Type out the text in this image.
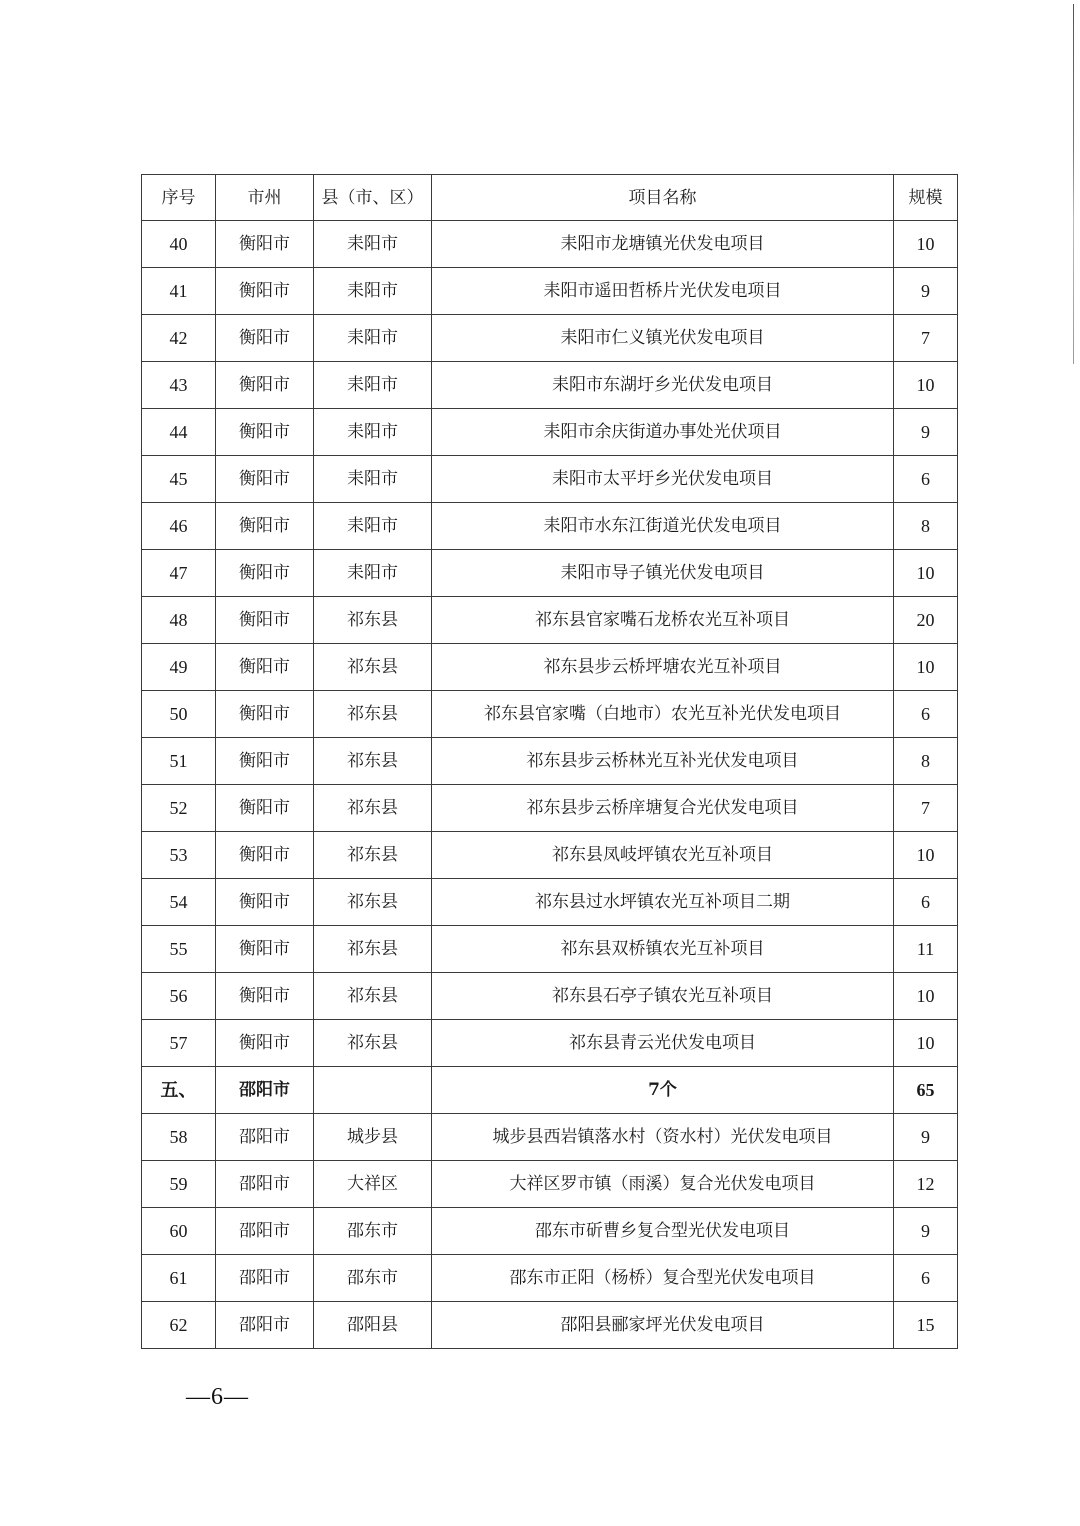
序号	市州	县（市、区）	项目名称	规模
40	衡阳市	耒阳市	耒阳市龙塘镇光伏发电项目	10
41	衡阳市	耒阳市	耒阳市遥田哲桥片光伏发电项目	9
42	衡阳市	耒阳市	耒阳市仁义镇光伏发电项目	7
43	衡阳市	耒阳市	耒阳市东湖圩乡光伏发电项目	10
44	衡阳市	耒阳市	耒阳市余庆街道办事处光伏项目	9
45	衡阳市	耒阳市	耒阳市太平圩乡光伏发电项目	6
46	衡阳市	耒阳市	耒阳市水东江街道光伏发电项目	8
47	衡阳市	耒阳市	耒阳市导子镇光伏发电项目	10
48	衡阳市	祁东县	祁东县官家嘴石龙桥农光互补项目	20
49	衡阳市	祁东县	祁东县步云桥坪塘农光互补项目	10
50	衡阳市	祁东县	祁东县官家嘴（白地市）农光互补光伏发电项目	6
51	衡阳市	祁东县	祁东县步云桥林光互补光伏发电项目	8
52	衡阳市	祁东县	祁东县步云桥庠塘复合光伏发电项目	7
53	衡阳市	祁东县	祁东县凤岐坪镇农光互补项目	10
54	衡阳市	祁东县	祁东县过水坪镇农光互补项目二期	6
55	衡阳市	祁东县	祁东县双桥镇农光互补项目	11
56	衡阳市	祁东县	祁东县石亭子镇农光互补项目	10
57	衡阳市	祁东县	祁东县青云光伏发电项目	10
五、	邵阳市		7个	65
58	邵阳市	城步县	城步县西岩镇落水村（资水村）光伏发电项目	9
59	邵阳市	大祥区	大祥区罗市镇（雨溪）复合光伏发电项目	12
60	邵阳市	邵东市	邵东市斫曹乡复合型光伏发电项目	9
61	邵阳市	邵东市	邵东市正阳（杨桥）复合型光伏发电项目	6
62	邵阳市	邵阳县	邵阳县郦家坪光伏发电项目	15
—6—
